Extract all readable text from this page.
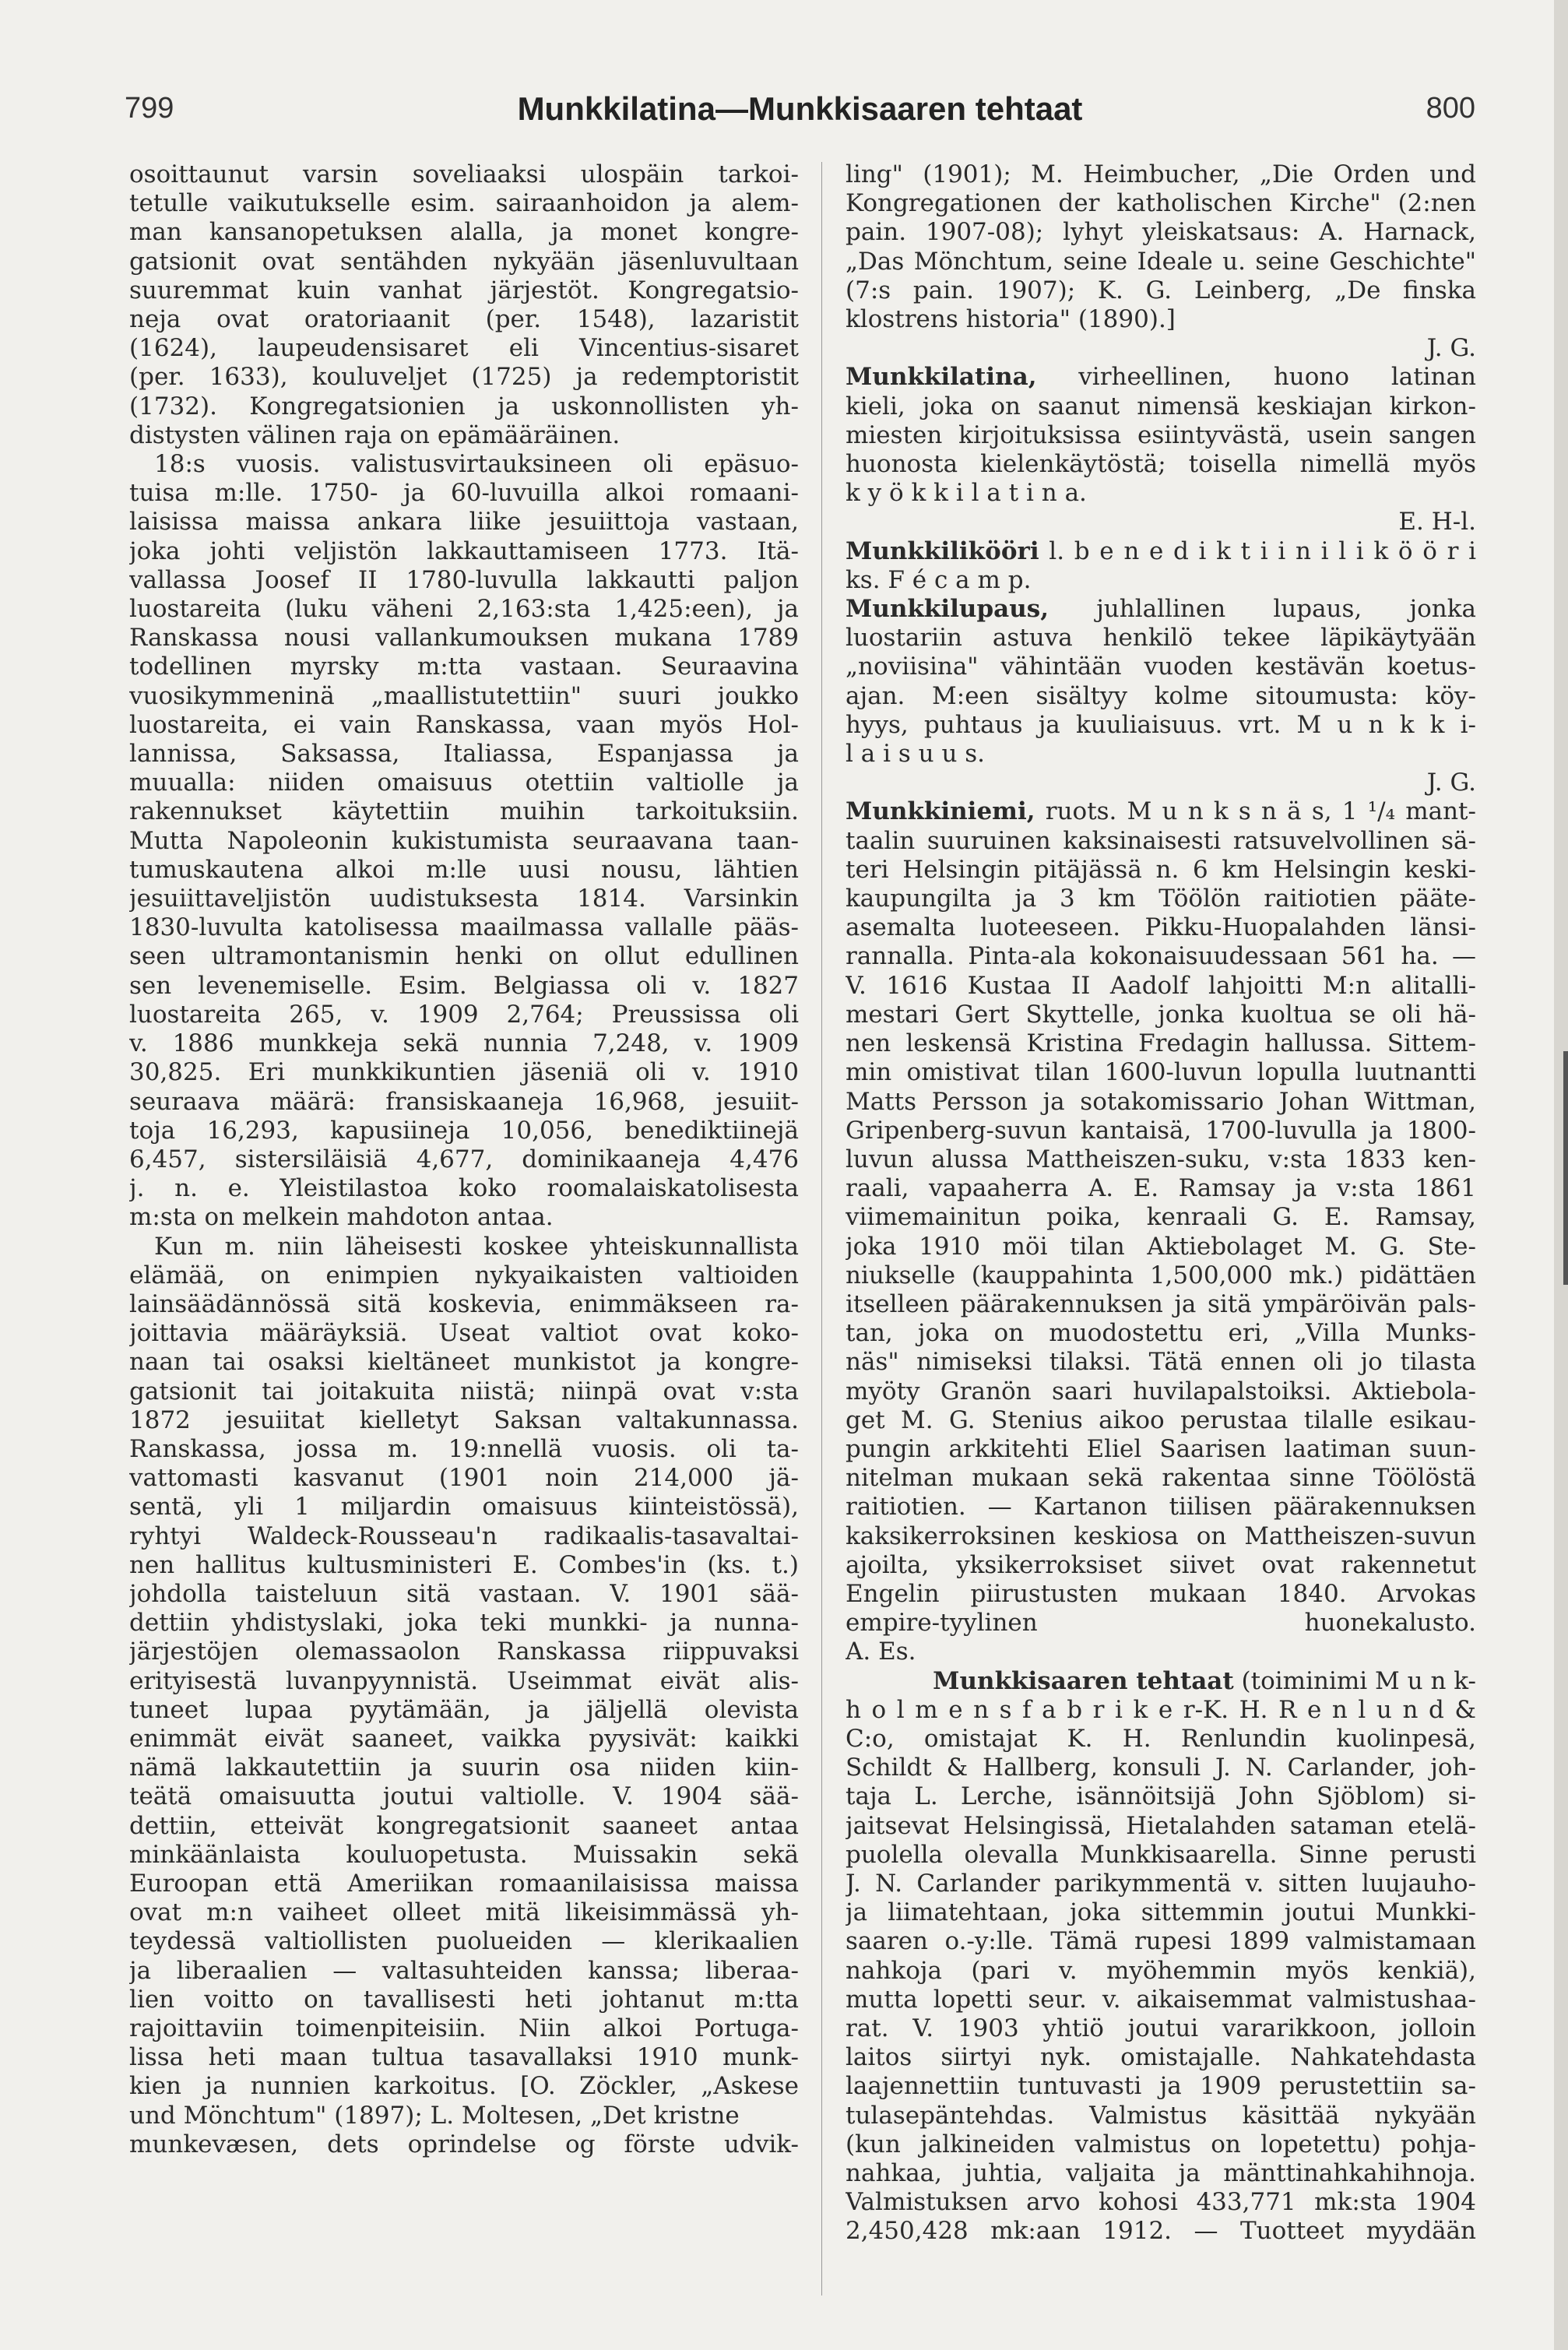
799	Munkkilatina—Munkkisaaren tehtaat	800
osoittaunut varsin soveliaaksi ulospäin tarkoi-
tetulle vaikutukselle esim. sairaanhoidon ja alem-
man kansanopetuksen alalla, ja monet kongre-
gatsionit ovat sentähden nykyään jäsenluvultaan
suuremmat kuin vanhat järjestöt. Kongregatsio-
neja ovat oratoriaanit (per. 1548), lazaristit
(1624), laupeudensisaret eli Vincentius-sisaret
(per. 1633), kouluveljet (1725) ja redemptoristit
(1732). Kongregatsionien ja uskonnollisten yh-
distysten välinen raja on epämääräinen.
18:s vuosis. valistusvirtauksineen oli epäsuo-
tuisa m:lle. 1750- ja 60-luvuilla alkoi romaani-
laisissa maissa ankara liike jesuiittoja vastaan,
joka johti veljistön lakkauttamiseen 1773. Itä-
vallassa Joosef II 1780-luvulla lakkautti paljon
luostareita (luku väheni 2,163:sta 1,425:een), ja
Ranskassa nousi vallankumouksen mukana 1789
todellinen myrsky m:tta vastaan. Seuraavina
vuosikymmeninä „maallistutettiin" suuri joukko
luostareita, ei vain Ranskassa, vaan myös Hol-
lannissa, Saksassa, Italiassa, Espanjassa ja
muualla: niiden omaisuus otettiin valtiolle ja
rakennukset käytettiin muihin tarkoituksiin.
Mutta Napoleonin kukistumista seuraavana taan-
tumuskautena alkoi m:lle uusi nousu, lähtien
jesuiittaveljistön uudistuksesta 1814. Varsinkin
1830-luvulta katolisessa maailmassa vallalle pääs-
seen ultramontanismin henki on ollut edullinen
sen levenemiselle. Esim. Belgiassa oli v. 1827
luostareita 265, v. 1909 2,764; Preussissa oli
v. 1886 munkkeja sekä nunnia 7,248, v. 1909
30,825. Eri munkkikuntien jäseniä oli v. 1910
seuraava määrä: fransiskaaneja 16,968, jesuiit-
toja 16,293, kapusiineja 10,056, benediktiinejä
6,457, sistersiläisiä 4,677, dominikaaneja 4,476
j. n. e. Yleistilastoa koko roomalaiskatolisesta
m:sta on melkein mahdoton antaa.
Kun m. niin läheisesti koskee yhteiskunnallista
elämää, on enimpien nykyaikaisten valtioiden
lainsäädännössä sitä koskevia, enimmäkseen ra-
joittavia määräyksiä. Useat valtiot ovat koko-
naan tai osaksi kieltäneet munkistot ja kongre-
gatsionit tai joitakuita niistä; niinpä ovat v:sta
1872 jesuiitat kielletyt Saksan valtakunnassa.
Ranskassa, jossa m. 19:nnellä vuosis. oli ta-
vattomasti kasvanut (1901 noin 214,000 jä-
sentä, yli 1 miljardin omaisuus kiinteistössä),
ryhtyi Waldeck-Rousseau'n radikaalis-tasavaltai-
nen hallitus kultusministeri E. Combes'in (ks. t.)
johdolla taisteluun sitä vastaan. V. 1901 sää-
dettiin yhdistyslaki, joka teki munkki- ja nunna-
järjestöjen olemassaolon Ranskassa riippuvaksi
erityisestä luvanpyynnistä. Useimmat eivät alis-
tuneet lupaa pyytämään, ja jäljellä olevista
enimmät eivät saaneet, vaikka pyysivät: kaikki
nämä lakkautettiin ja suurin osa niiden kiin-
teätä omaisuutta joutui valtiolle. V. 1904 sää-
dettiin, etteivät kongregatsionit saaneet antaa
minkäänlaista kouluopetusta. Muissakin sekä
Euroopan että Ameriikan romaanilaisissa maissa
ovat m:n vaiheet olleet mitä likeisimmässä yh-
teydessä valtiollisten puolueiden — klerikaalien
ja liberaalien — valtasuhteiden kanssa; liberaa-
lien voitto on tavallisesti heti johtanut m:tta
rajoittaviin toimenpiteisiin. Niin alkoi Portuga-
lissa heti maan tultua tasavallaksi 1910 munk-
kien ja nunnien karkoitus. [O. Zöckler, „Askese
und Mönchtum" (1897); L. Moltesen, „Det kristne
munkevæsen, dets oprindelse og förste udvik-
ling" (1901); M. Heimbucher, „Die Orden und
Kongregationen der katholischen Kirche" (2:nen
pain. 1907-08); lyhyt yleiskatsaus: A. Harnack,
„Das Mönchtum, seine Ideale u. seine Geschichte"
(7:s pain. 1907); K. G. Leinberg, „De finska
klostrens historia" (1890).]
J. G.
Munkkilatina, virheellinen, huono latinan
kieli, joka on saanut nimensä keskiajan kirkon-
miesten kirjoituksissa esiintyvästä, usein sangen
huonosta kielenkäytöstä; toisella nimellä myös
k y ö k k i l a t i n a.
E. H-l.
Munkkilikööri l. b e n e d i k t i i n i l i k ö ö r i
ks. F é c a m p.
Munkkilupaus, juhlallinen lupaus, jonka
luostariin astuva henkilö tekee läpikäytyään
„noviisina" vähintään vuoden kestävän koetus-
ajan. M:een sisältyy kolme sitoumusta: köy-
hyys, puhtaus ja kuuliaisuus. vrt. M u n k k i-
l a i s u u s.
J. G.
Munkkiniemi, ruots. M u n k s n ä s, 1 ¹/₄ mant-
taalin suuruinen kaksinaisesti ratsuvelvollinen sä-
teri Helsingin pitäjässä n. 6 km Helsingin keski-
kaupungilta ja 3 km Töölön raitiotien pääte-
asemalta luoteeseen. Pikku-Huopalahden länsi-
rannalla. Pinta-ala kokonaisuudessaan 561 ha. —
V. 1616 Kustaa II Aadolf lahjoitti M:n alitalli-
mestari Gert Skyttelle, jonka kuoltua se oli hä-
nen leskensä Kristina Fredagin hallussa. Sittem-
min omistivat tilan 1600-luvun lopulla luutnantti
Matts Persson ja sotakomissario Johan Wittman,
Gripenberg-suvun kantaisä, 1700-luvulla ja 1800-
luvun alussa Mattheiszen-suku, v:sta 1833 ken-
raali, vapaaherra A. E. Ramsay ja v:sta 1861
viimemainitun poika, kenraali G. E. Ramsay,
joka 1910 möi tilan Aktiebolaget M. G. Ste-
niukselle (kauppahinta 1,500,000 mk.) pidättäen
itselleen päärakennuksen ja sitä ympäröivän pals-
tan, joka on muodostettu eri, „Villa Munks-
näs" nimiseksi tilaksi. Tätä ennen oli jo tilasta
myöty Granön saari huvilapalstoiksi. Aktiebola-
get M. G. Stenius aikoo perustaa tilalle esikau-
pungin arkkitehti Eliel Saarisen laatiman suun-
nitelman mukaan sekä rakentaa sinne Töölöstä
raitiotien. — Kartanon tiilisen päärakennuksen
kaksikerroksinen keskiosa on Mattheiszen-suvun
ajoilta, yksikerroksiset siivet ovat rakennetut
Engelin piirustusten mukaan 1840. Arvokas
empire-tyylinen huonekalusto.
A. Es.
Munkkisaaren tehtaat (toiminimi M u n k-
h o l m e n s f a b r i k e r-K. H. R e n l u n d &
C:o, omistajat K. H. Renlundin kuolinpesä,
Schildt & Hallberg, konsuli J. N. Carlander, joh-
taja L. Lerche, isännöitsijä John Sjöblom) si-
jaitsevat Helsingissä, Hietalahden sataman etelä-
puolella olevalla Munkkisaarella. Sinne perusti
J. N. Carlander parikymmentä v. sitten luujauho-
ja liimatehtaan, joka sittemmin joutui Munkki-
saaren o.-y:lle. Tämä rupesi 1899 valmistamaan
nahkoja (pari v. myöhemmin myös kenkiä),
mutta lopetti seur. v. aikaisemmat valmistushaa-
rat. V. 1903 yhtiö joutui vararikkoon, jolloin
laitos siirtyi nyk. omistajalle. Nahkatehdasta
laajennettiin tuntuvasti ja 1909 perustettiin sa-
tulasepäntehdas. Valmistus käsittää nykyään
(kun jalkineiden valmistus on lopetettu) pohja-
nahkaa, juhtia, valjaita ja mänttinahkahihnoja.
Valmistuksen arvo kohosi 433,771 mk:sta 1904
2,450,428 mk:aan 1912. — Tuotteet myydään
